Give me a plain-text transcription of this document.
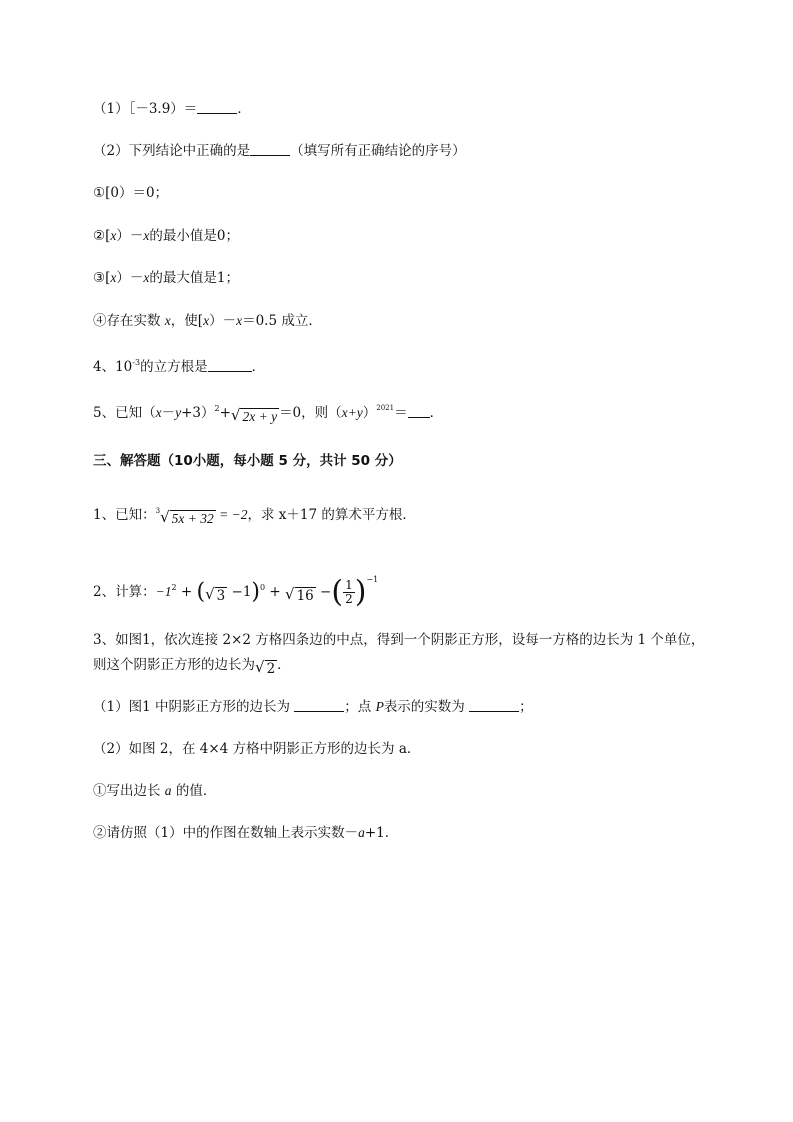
（1）［－3.9）＝	．
（2）下列结论中正确的是	（填写所有正确结论的序号）
①[0）＝0；
②[x）－x的最小值是0；
③[x）－x的最大值是1；
④存在实数 x，使[x）－x＝0.5 成立．
4、$10^{-3}$的立方根是	．
5、已知$(x-y+3)^2+$ √ 2x + y ＝0，则$(x+y)^{2021}=$ ．
三、解答题（10小题，每小题 5 分，共计 50 分）
1、已知：$^3$ √ 5x + 32 = −2，求 x＋17 的算术平方根．
2、计算：$-1^2$ + ( √ 3 −1)$^0$ + √ 16 −( $\frac{1}{2} )^{-1}$
3、如图1，依次连接 2×2 方格四条边的中点，得到一个阴影正方形，设每一方格的边长为 1 个单位，
则这个阴影正方形的边长为 √ 2 ．
（1）图1 中阴影正方形的边长为	；点 P表示的实数为	；
（2）如图 2，在 4×4 方格中阴影正方形的边长为 a．
①写出边长 a 的值．
②请仿照（1）中的作图在数轴上表示实数－a+1．
